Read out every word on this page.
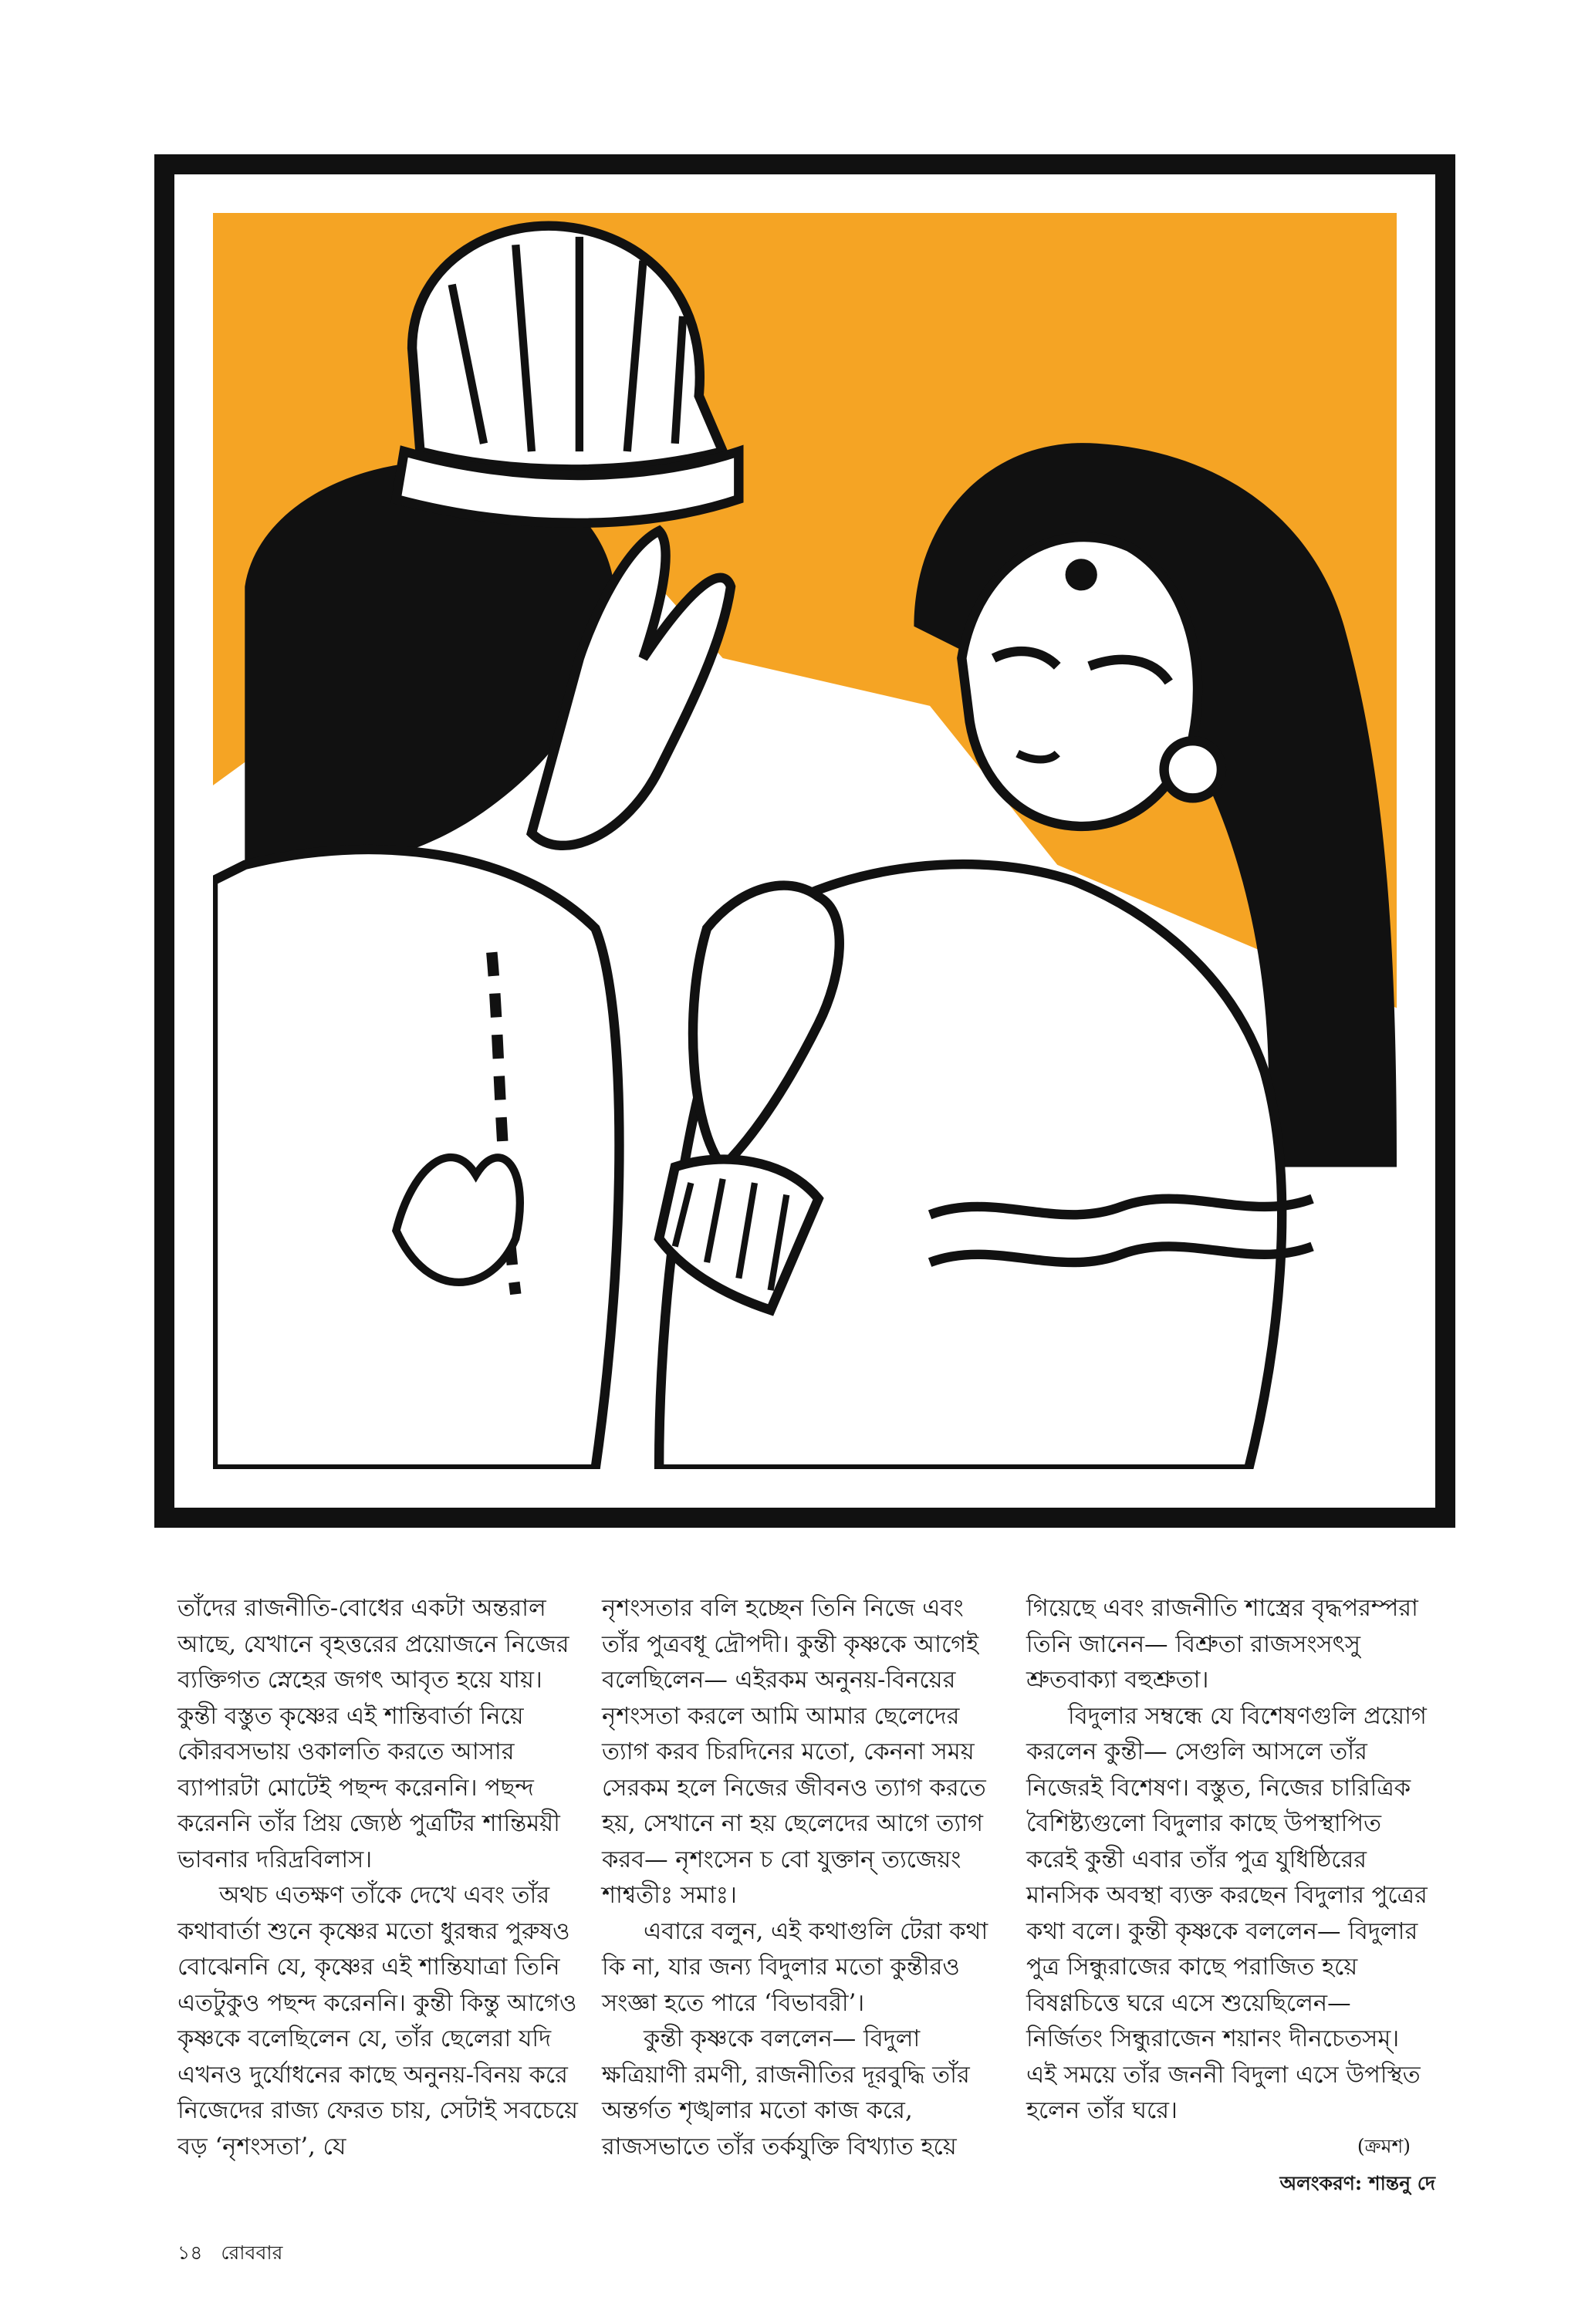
তাঁদের রাজনীতি-বোধের একটা অন্তরাল আছে, যেখানে বৃহত্তরের প্রয়োজনে নিজের ব্যক্তিগত স্নেহের জগৎ আবৃত হয়ে যায়। কুন্তী বস্তুত কৃষ্ণের এই শান্তিবার্তা নিয়ে কৌরবসভায় ওকালতি করতে আসার ব্যাপারটা মোটেই পছন্দ করেননি। পছন্দ করেননি তাঁর প্রিয় জ্যেষ্ঠ পুত্রটির শান্তিময়ী ভাবনার দরিদ্রবিলাস।

অথচ এতক্ষণ তাঁকে দেখে এবং তাঁর কথাবার্তা শুনে কৃষ্ণের মতো ধুরন্ধর পুরুষও বোঝেননি যে, কৃষ্ণের এই শান্তিযাত্রা তিনি এতটুকুও পছন্দ করেননি। কুন্তী কিন্তু আগেও কৃষ্ণকে বলেছিলেন যে, তাঁর ছেলেরা যদি এখনও দুর্যোধনের কাছে অনুনয়-বিনয় করে নিজেদের রাজ্য ফেরত চায়, সেটাই সবচেয়ে বড় ‘নৃশংসতা’, যে

নৃশংসতার বলি হচ্ছেন তিনি নিজে এবং তাঁর পুত্রবধূ দ্রৌপদী। কুন্তী কৃষ্ণকে আগেই বলেছিলেন— এইরকম অনুনয়-বিনয়ের নৃশংসতা করলে আমি আমার ছেলেদের ত্যাগ করব চিরদিনের মতো, কেননা সময় সেরকম হলে নিজের জীবনও ত্যাগ করতে হয়, সেখানে না হয় ছেলেদের আগে ত্যাগ করব— নৃশংসেন চ বো যুক্তান্ ত্যজেয়ং শাশ্বতীঃ সমাঃ।

এবারে বলুন, এই কথাগুলি টেরা কথা কি না, যার জন্য বিদুলার মতো কুন্তীরও সংজ্ঞা হতে পারে ‘বিভাবরী’।

কুন্তী কৃষ্ণকে বললেন— বিদুলা ক্ষত্রিয়াণী রমণী, রাজনীতির দূরবুদ্ধি তাঁর অন্তর্গত শৃঙ্খলার মতো কাজ করে, রাজসভাতে তাঁর তর্কযুক্তি বিখ্যাত হয়ে

গিয়েছে এবং রাজনীতি শাস্ত্রের বৃদ্ধপরম্পরা তিনি জানেন— বিশ্রুতা রাজসংসৎসু শ্রুতবাক্যা বহুশ্রুতা।

বিদুলার সম্বন্ধে যে বিশেষণগুলি প্রয়োগ করলেন কুন্তী— সেগুলি আসলে তাঁর নিজেরই বিশেষণ। বস্তুত, নিজের চারিত্রিক বৈশিষ্ট্যগুলো বিদুলার কাছে উপস্থাপিত করেই কুন্তী এবার তাঁর পুত্র যুধিষ্ঠিরের মানসিক অবস্থা ব্যক্ত করছেন বিদুলার পুত্রের কথা বলে। কুন্তী কৃষ্ণকে বললেন— বিদুলার পুত্র সিন্ধুরাজের কাছে পরাজিত হয়ে বিষণ্ণচিত্তে ঘরে এসে শুয়েছিলেন— নির্জিতং সিন্ধুরাজেন শয়ানং দীনচেতসম্। এই সময়ে তাঁর জননী বিদুলা এসে উপস্থিত হলেন তাঁর ঘরে।

(ক্রমশ)
অলংকরণ: শান্তনু দে
১৪ রোববার
